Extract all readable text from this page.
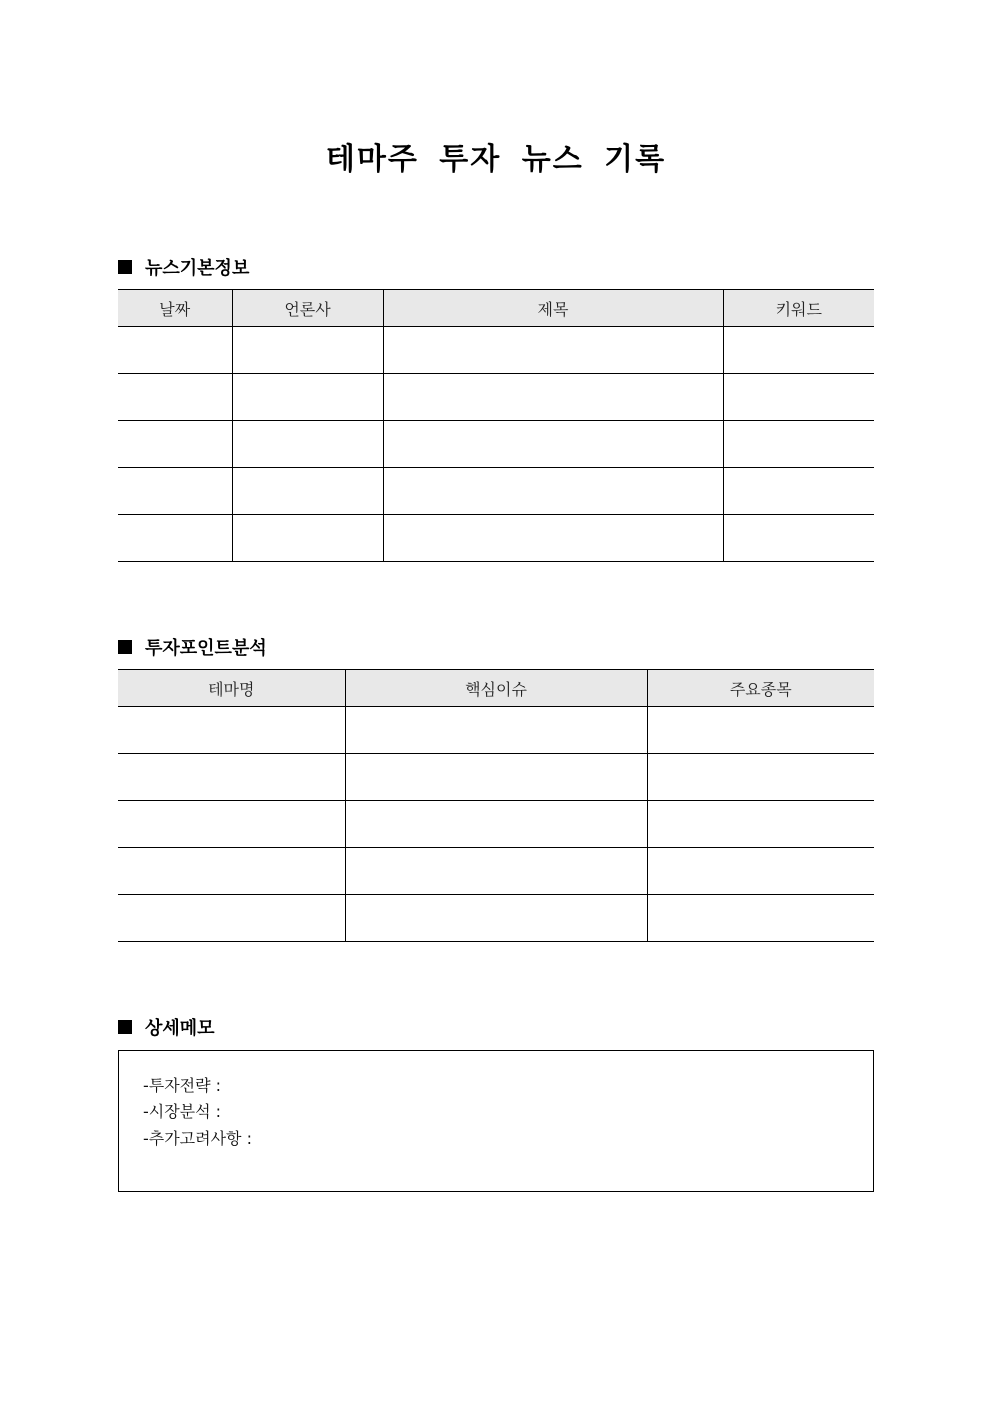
테마주 투자 뉴스 기록
뉴스기본정보
날짜	언론사	제목	키워드

투자포인트분석
테마명	핵심이슈	주요종목

상세메모
-투자전략 :
-시장분석 :
-추가고려사항 :
